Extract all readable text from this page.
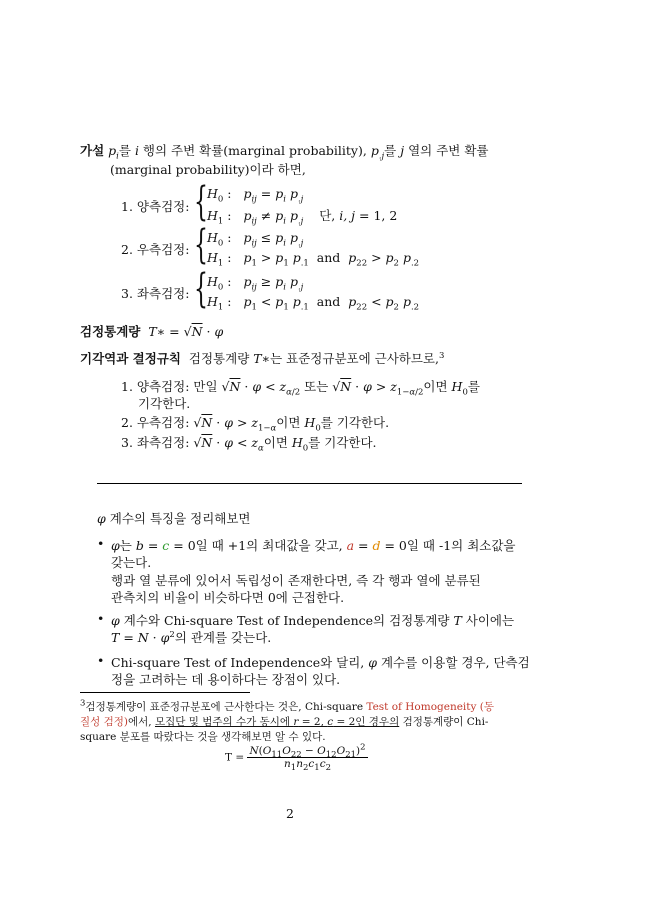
가설 $p_i$를 i 행의 주변 확률(marginal probability), $p_{.j}$를 j 열의 주변 확률
(marginal probability)이라 하면,
1. 양측검정: { $H_0$ :   $p_{ij} = p_i$ $p_{.j}$
$H_1$ :   $p_{ij} \ne p_i$ $p_{.j}$    단, i, j = 1, 2
2. 우측검정: { $H_0$ :   $p_{ij} \le p_i$ $p_{.j}$
$H_1$ :   $p_1 > p_1$ $p_{.1}$  and  $p_{22} > p_2$ $p_{.2}$
3. 좌측검정: { $H_0$ :   $p_{ij} \ge p_i$ $p_{.j}$
$H_1$ :   $p_1 < p_1$ $p_{.1}$  and  $p_{22} < p_2$ $p_{.2}$
검정통계량 T∗ = √N · φ
기각역과 결정규칙  검정통계량 T∗는 표준정규분포에 근사하므로,$^3$
1. 양측검정: 만일 $√N \cdot \varphi < z_{\alpha/2}$ 또는 $√N \cdot \varphi > z_{1-\alpha/2}$이면 $H_0$를
기각한다.
2. 우측검정: $√N \cdot \varphi > z_{1-\alpha}$이면 $H_0$를 기각한다.
3. 좌측검정: $√N \cdot \varphi < z_\alpha$이면 $H_0$를 기각한다.
φ 계수의 특징을 정리해보면
• φ는 b = c = 0일 때 +1의 최대값을 갖고, a = d = 0일 때 -1의 최소값을
갖는다.
행과 열 분류에 있어서 독립성이 존재한다면, 즉 각 행과 열에 분류된
관측치의 비율이 비슷하다면 0에 근접한다.
• φ 계수와 Chi-square Test of Independence의 검정통계량 T 사이에는
$T = N \cdot \varphi^2$의 관계를 갖는다.
• Chi-square Test of Independence와 달리, φ 계수를 이용할 경우, 단측검
정을 고려하는 데 용이하다는 장점이 있다.
$^3$검정통계량이 표준정규분포에 근사한다는 것은, Chi-square Test of Homogeneity (동
질성 검정)에서, 모집단 및 범주의 수가 동시에 r = 2, c = 2인 경우의 검정통계량이 Chi-
square 분포를 따랐다는 것을 생각해보면 알 수 있다.
$T = \frac{N(O_{11}O_{22} - O_{12}O_{21})^2}{n_1n_2c_1c_2}$
2
